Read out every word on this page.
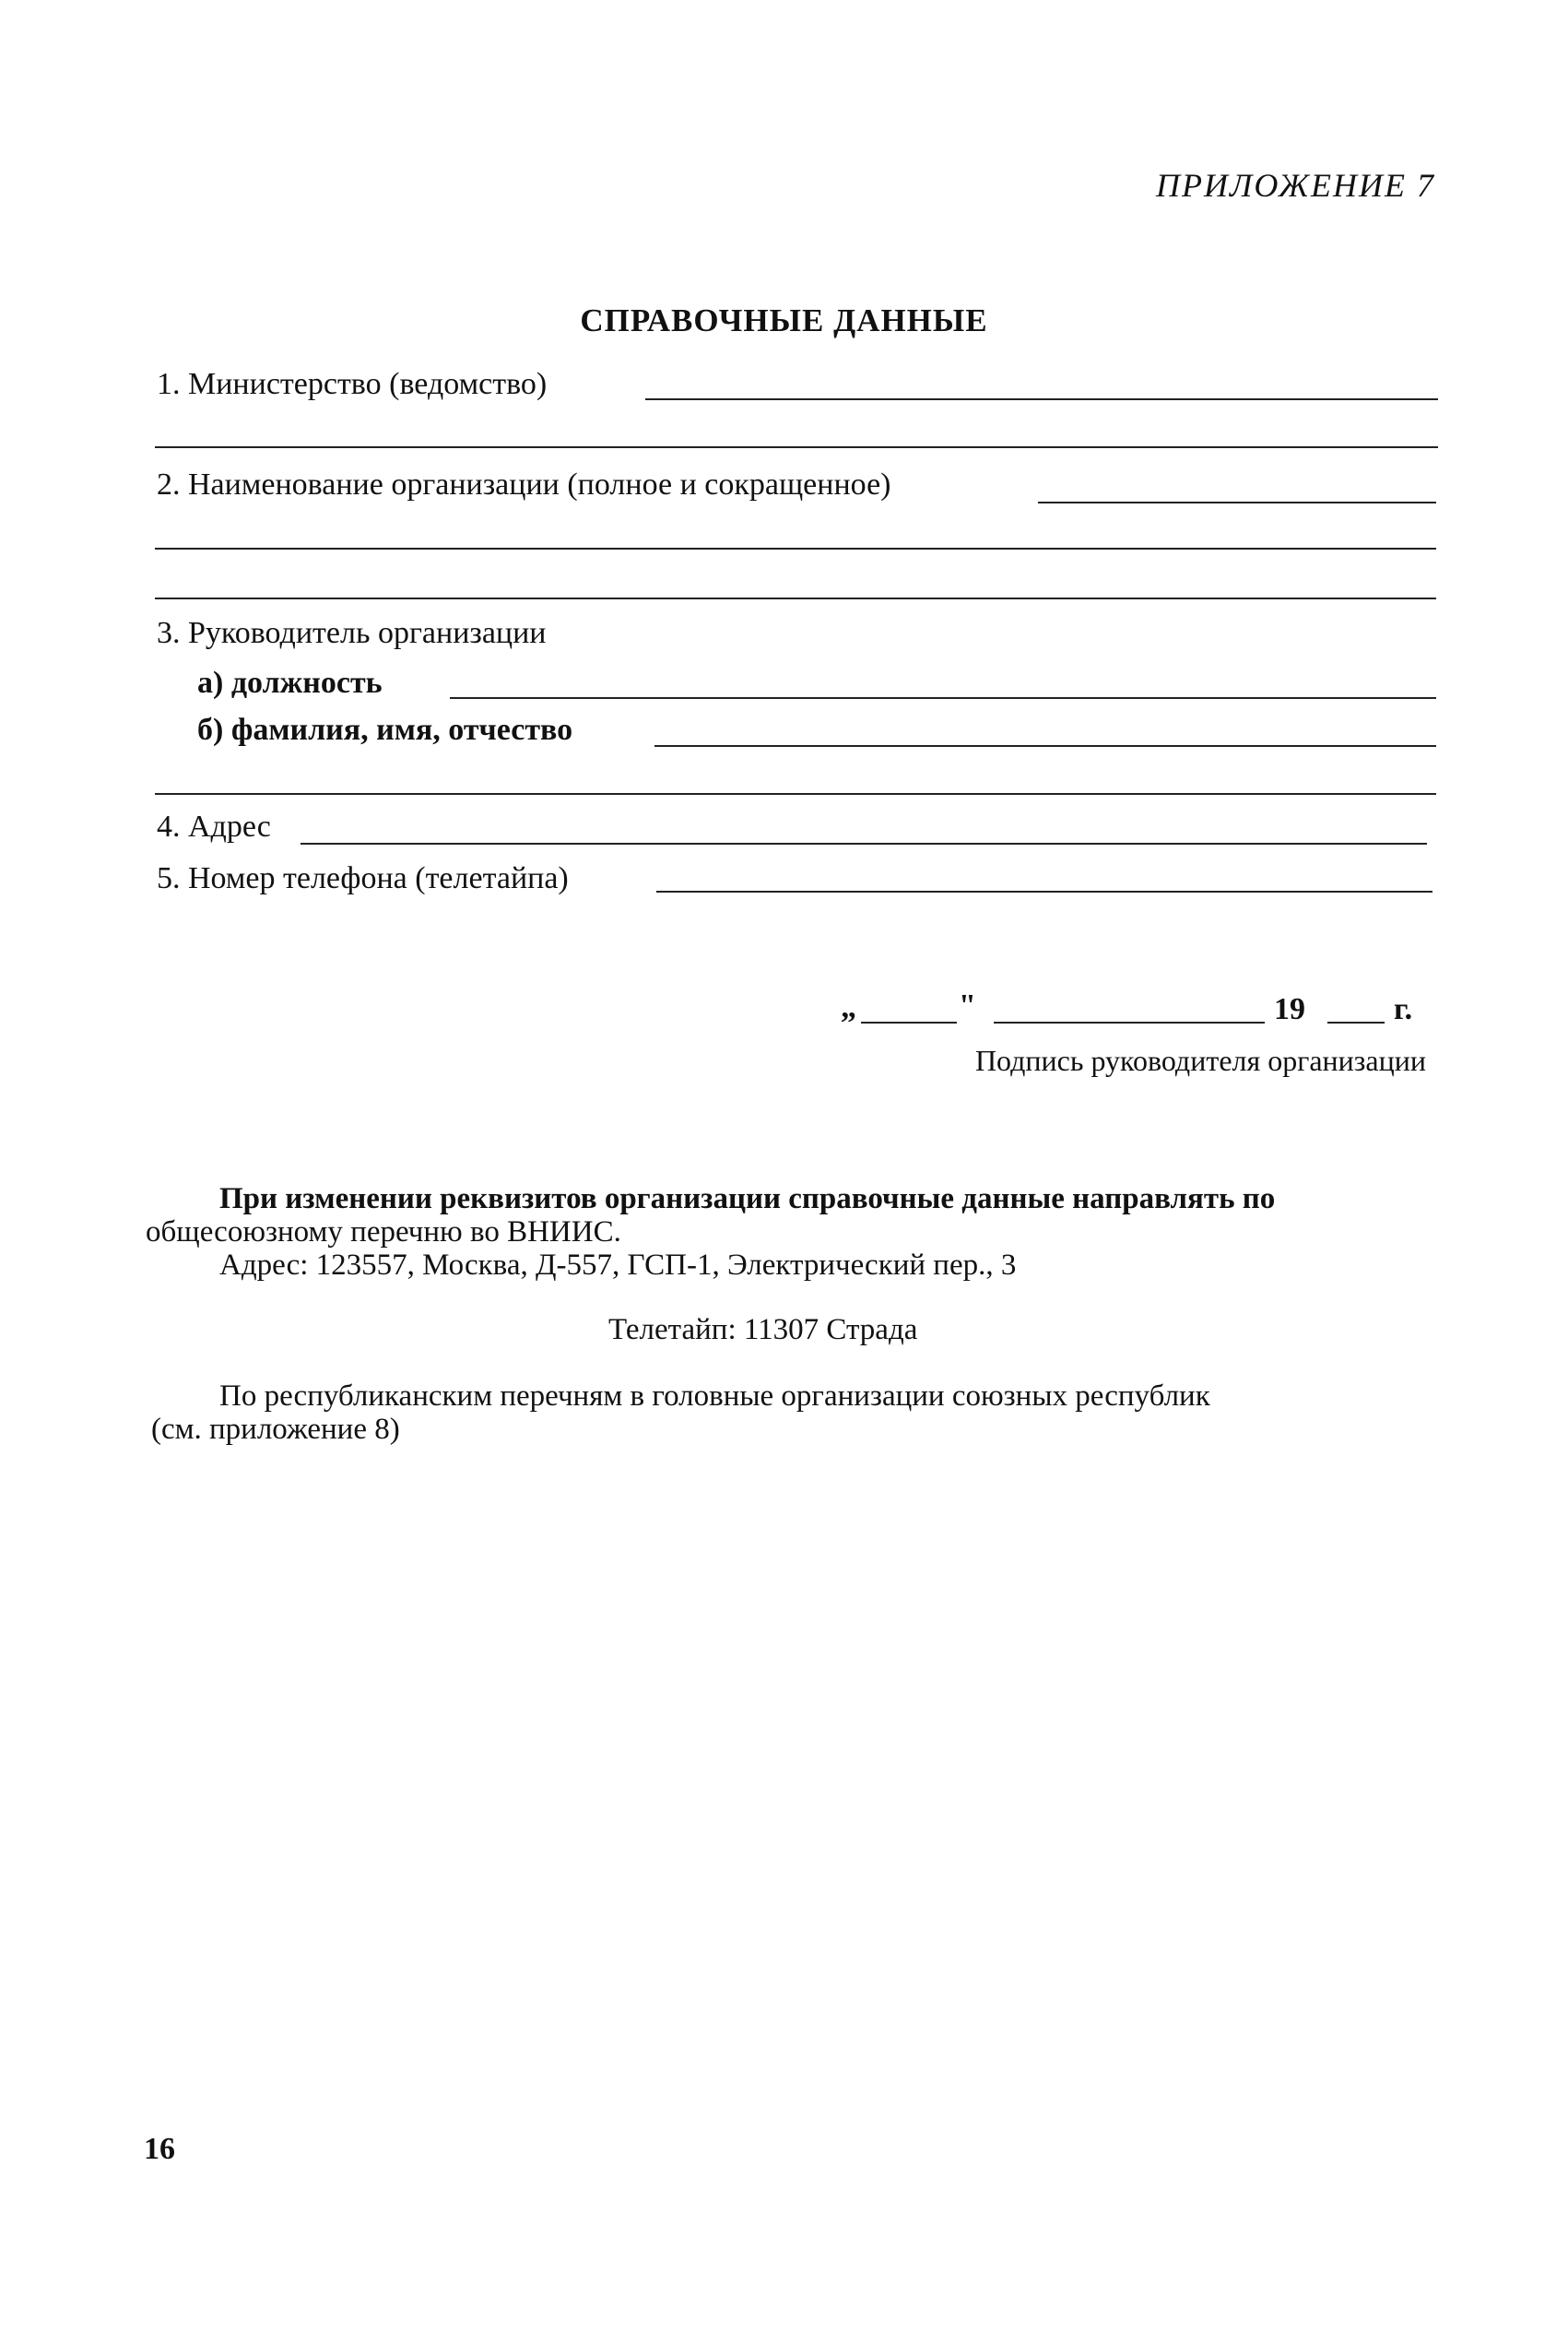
ПРИЛОЖЕНИЕ 7
СПРАВОЧНЫЕ ДАННЫЕ
1. Министерство (ведомство)
2. Наименование организации (полное и сокращенное)
3. Руководитель организации
а) должность
б) фамилия, имя, отчество
4. Адрес
5. Номер телефона (телетайпа)
„	"	19	г.
Подпись руководителя организации
При изменении реквизитов организации справочные данные направлять по
общесоюзному перечню во ВНИИС.
Адрес: 123557, Москва, Д-557, ГСП-1, Электрический пер., 3
Телетайп: 11307 Страда
По республиканским перечням в головные организации союзных республик
(см. приложение 8)
16
